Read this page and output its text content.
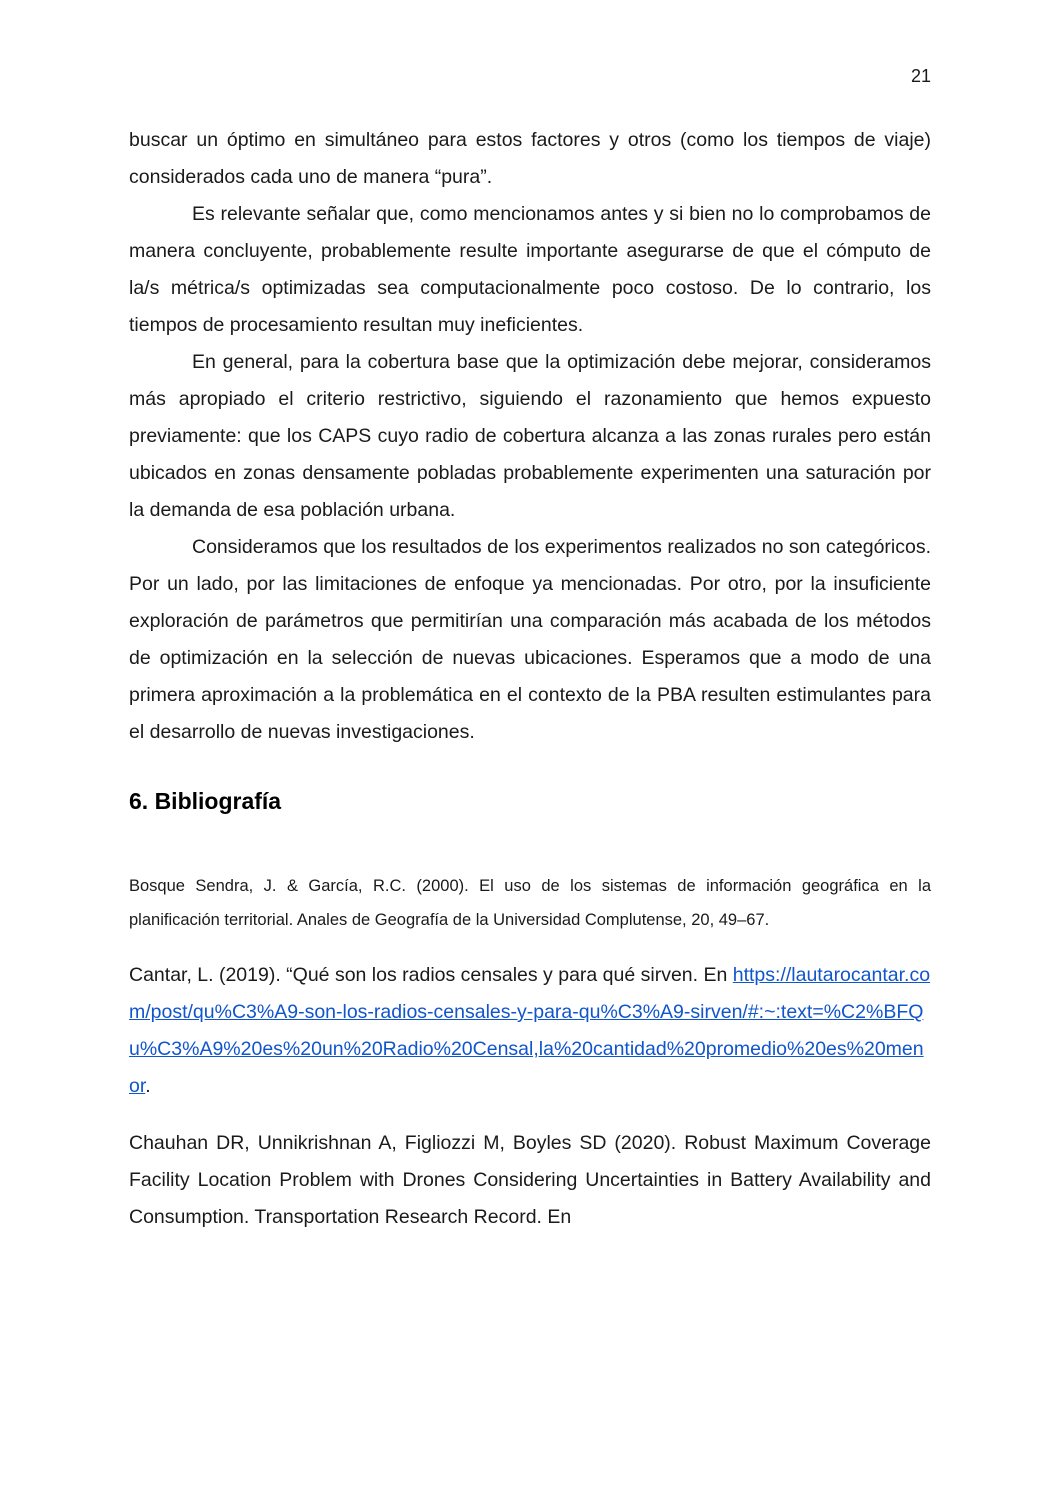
21

buscar un óptimo en simultáneo para estos factores y otros (como los tiempos de viaje) considerados cada uno de manera “pura”.

Es relevante señalar que, como mencionamos antes y si bien no lo comprobamos de manera concluyente, probablemente resulte importante asegurarse de que el cómputo de la/s métrica/s optimizadas sea computacionalmente poco costoso. De lo contrario, los tiempos de procesamiento resultan muy ineficientes.

En general, para la cobertura base que la optimización debe mejorar, consideramos más apropiado el criterio restrictivo, siguiendo el razonamiento que hemos expuesto previamente: que los CAPS cuyo radio de cobertura alcanza a las zonas rurales pero están ubicados en zonas densamente pobladas probablemente experimenten una saturación por la demanda de esa población urbana.

Consideramos que los resultados de los experimentos realizados no son categóricos. Por un lado, por las limitaciones de enfoque ya mencionadas. Por otro, por la insuficiente exploración de parámetros que permitirían una comparación más acabada de los métodos de optimización en la selección de nuevas ubicaciones. Esperamos que a modo de una primera aproximación a la problemática en el contexto de la PBA resulten estimulantes para el desarrollo de nuevas investigaciones.

6. Bibliografía

Bosque Sendra, J. & García, R.C. (2000). El uso de los sistemas de información geográfica en la planificación territorial. Anales de Geografía de la Universidad Complutense, 20, 49–67.

Cantar, L. (2019). “Qué son los radios censales y para qué sirven. En https://lautarocantar.com/post/qu%C3%A9-son-los-radios-censales-y-para-qu%C3%A9-sirven/#:~:text=%C2%BFQu%C3%A9%20es%20un%20Radio%20Censal,la%20cantidad%20promedio%20es%20menor.

Chauhan DR, Unnikrishnan A, Figliozzi M, Boyles SD (2020). Robust Maximum Coverage Facility Location Problem with Drones Considering Uncertainties in Battery Availability and Consumption. Transportation Research Record. En
